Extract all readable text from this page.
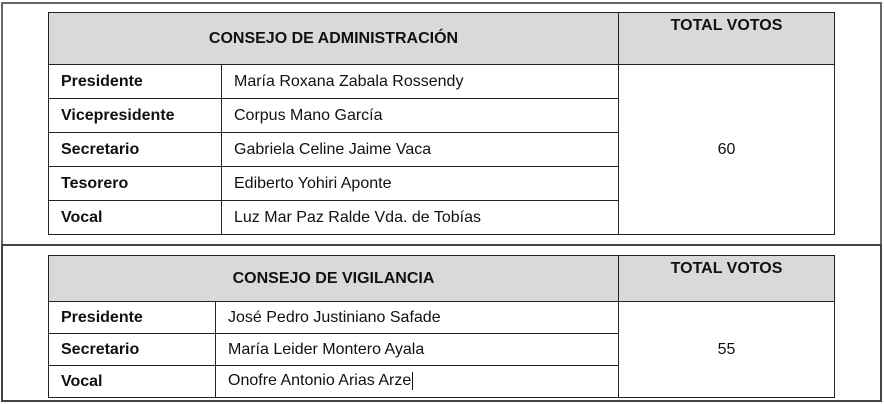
CONSEJO DE ADMINISTRACIÓN		TOTAL VOTOS
Presidente	María Roxana Zabala Rossendy	60
Vicepresidente	Corpus Mano García	
Secretario	Gabriela Celine Jaime Vaca	
Tesorero	Ediberto Yohiri Aponte	
Vocal	Luz Mar Paz Ralde Vda. de Tobías	
CONSEJO DE VIGILANCIA		TOTAL VOTOS
Presidente	José Pedro Justiniano Safade	55
Secretario	María Leider Montero Ayala	
Vocal	Onofre Antonio Arias Arze	
